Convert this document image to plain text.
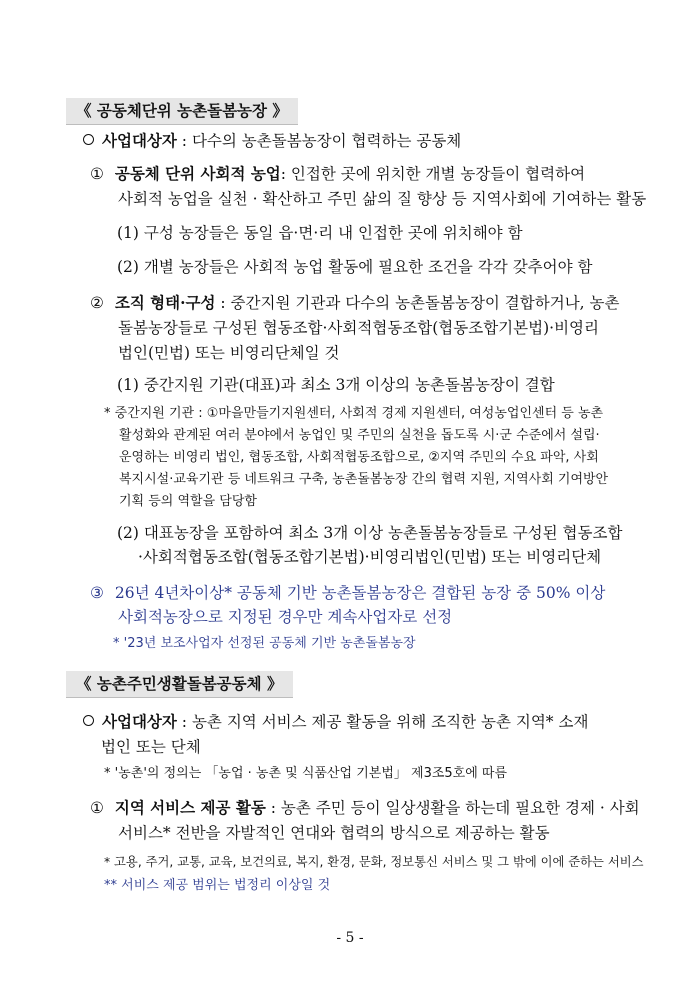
《 공동체단위 농촌돌봄농장 》
사업대상자 : 다수의 농촌돌봄농장이 협력하는 공동체
① 공동체 단위 사회적 농업: 인접한 곳에 위치한 개별 농장들이 협력하여
사회적 농업을 실천 · 확산하고 주민 삶의 질 향상 등 지역사회에 기여하는 활동
(1) 구성 농장들은 동일 읍·면·리 내 인접한 곳에 위치해야 함
(2) 개별 농장들은 사회적 농업 활동에 필요한 조건을 각각 갖추어야 함
② 조직 형태·구성 : 중간지원 기관과 다수의 농촌돌봄농장이 결합하거나, 농촌
돌봄농장들로 구성된 협동조합·사회적협동조합(협동조합기본법)·비영리
법인(민법) 또는 비영리단체일 것
(1) 중간지원 기관(대표)과 최소 3개 이상의 농촌돌봄농장이 결합
* 중간지원 기관 : ①마을만들기지원센터, 사회적 경제 지원센터, 여성농업인센터 등 농촌
활성화와 관계된 여러 분야에서 농업인 및 주민의 실천을 돕도록 시·군 수준에서 설립·
운영하는 비영리 법인, 협동조합, 사회적협동조합으로, ②지역 주민의 수요 파악, 사회
복지시설·교육기관 등 네트워크 구축, 농촌돌봄농장 간의 협력 지원, 지역사회 기여방안
기획 등의 역할을 담당함
(2) 대표농장을 포함하여 최소 3개 이상 농촌돌봄농장들로 구성된 협동조합
·사회적협동조합(협동조합기본법)·비영리법인(민법) 또는 비영리단체
③ 26년 4년차이상* 공동체 기반 농촌돌봄농장은 결합된 농장 중 50% 이상
사회적농장으로 지정된 경우만 계속사업자로 선정
* '23년 보조사업자 선정된 공동체 기반 농촌돌봄농장
《 농촌주민생활돌봄공동체 》
사업대상자 : 농촌 지역 서비스 제공 활동을 위해 조직한 농촌 지역* 소재
법인 또는 단체
* '농촌'의 정의는 「농업 · 농촌 및 식품산업 기본법」 제3조5호에 따름
① 지역 서비스 제공 활동 : 농촌 주민 등이 일상생활을 하는데 필요한 경제 · 사회
서비스* 전반을 자발적인 연대와 협력의 방식으로 제공하는 활동
* 고용, 주거, 교통, 교육, 보건의료, 복지, 환경, 문화, 정보통신 서비스 및 그 밖에 이에 준하는 서비스
** 서비스 제공 범위는 법정리 이상일 것
- 5 -
